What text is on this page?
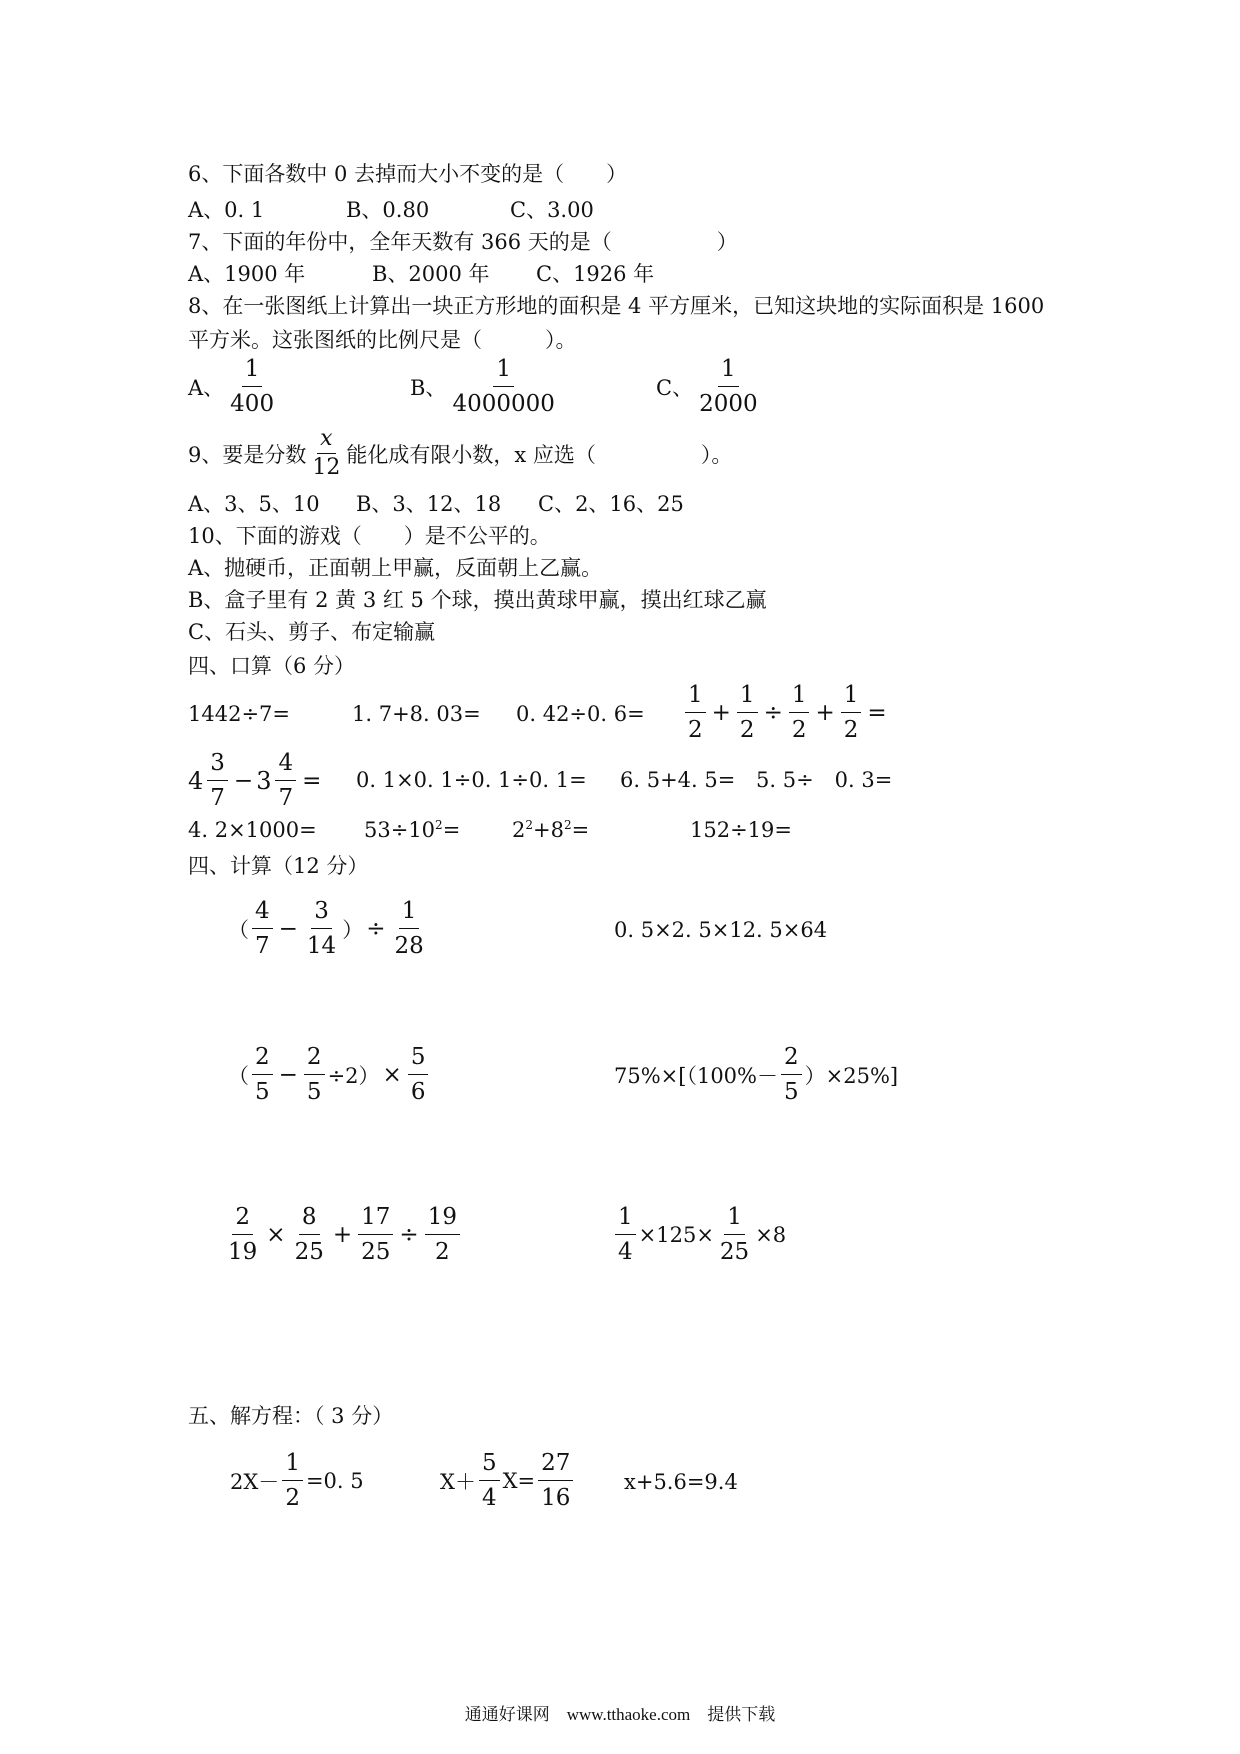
6、下面各数中 0 去掉而大小不变的是（　　）
A、0. 1	B、0.80	C、3.00
7、下面的年份中，全年天数有 366 天的是（　　　　　）
A、1900 年	B、2000 年 C、1926 年
8、在一张图纸上计算出一块正方形地的面积是 4 平方厘米，已知这块地的实际面积是 1600
平方米。这张图纸的比例尺是（　　　）。
A、 $\frac{1}{400}$	B、 $\frac{1}{4000000}$	C、 $\frac{1}{2000}$
9、要是分数 $\frac{x}{12}$ 能化成有限小数，x 应选（　　　　　）。
A、3、5、10 B、3、12、18 C、2、16、25
10、下面的游戏（　　）是不公平的。
A、抛硬币，正面朝上甲赢，反面朝上乙赢。
B、盒子里有 2 黄 3 红 5 个球，摸出黄球甲赢，摸出红球乙赢
C、石头、剪子、布定输赢
四、口算（6 分）
1442÷7=	1. 7+8. 03= 0. 42÷0. $6= \frac{1}{2} + \frac{1}{2} \div \frac{1}{2} + \frac{1}{2}$ =
$4 \frac{3}{7} - 3 \frac{4}{7} = 0$. 1×0. 1÷0. 1÷0. 1= 6. 5+4. 5= 5. 5÷　0. 3=
4. $2\times 1000= 53\div 10^2= 2^2+8^2=$	152÷19=
四、计算（12 分）
（ $\frac{4}{7} - \frac{3}{14}$ ） ÷ $\frac{1}{28}$	0. 5×2. 5×12. 5×64
（ $\frac{2}{5} - \frac{2}{5} \div 2) \times \frac{5}{6}$	$75\%\times[(100\%- \frac{2}{5} )\times 25\%]$
$\frac{2}{19} \times \frac{8}{25} + \frac{17}{25} \div \frac{19}{2}$	$\frac{1}{4} \times 125\times \frac{1}{25} \times 8$
五、解方程：（ 3 分）
$2X- \frac{1}{2} =0$. 5	$X+ \frac{5}{4} X= \frac{27}{16} x+5.6=9.4$
通通好课网　www.tthaoke.com　提供下载
